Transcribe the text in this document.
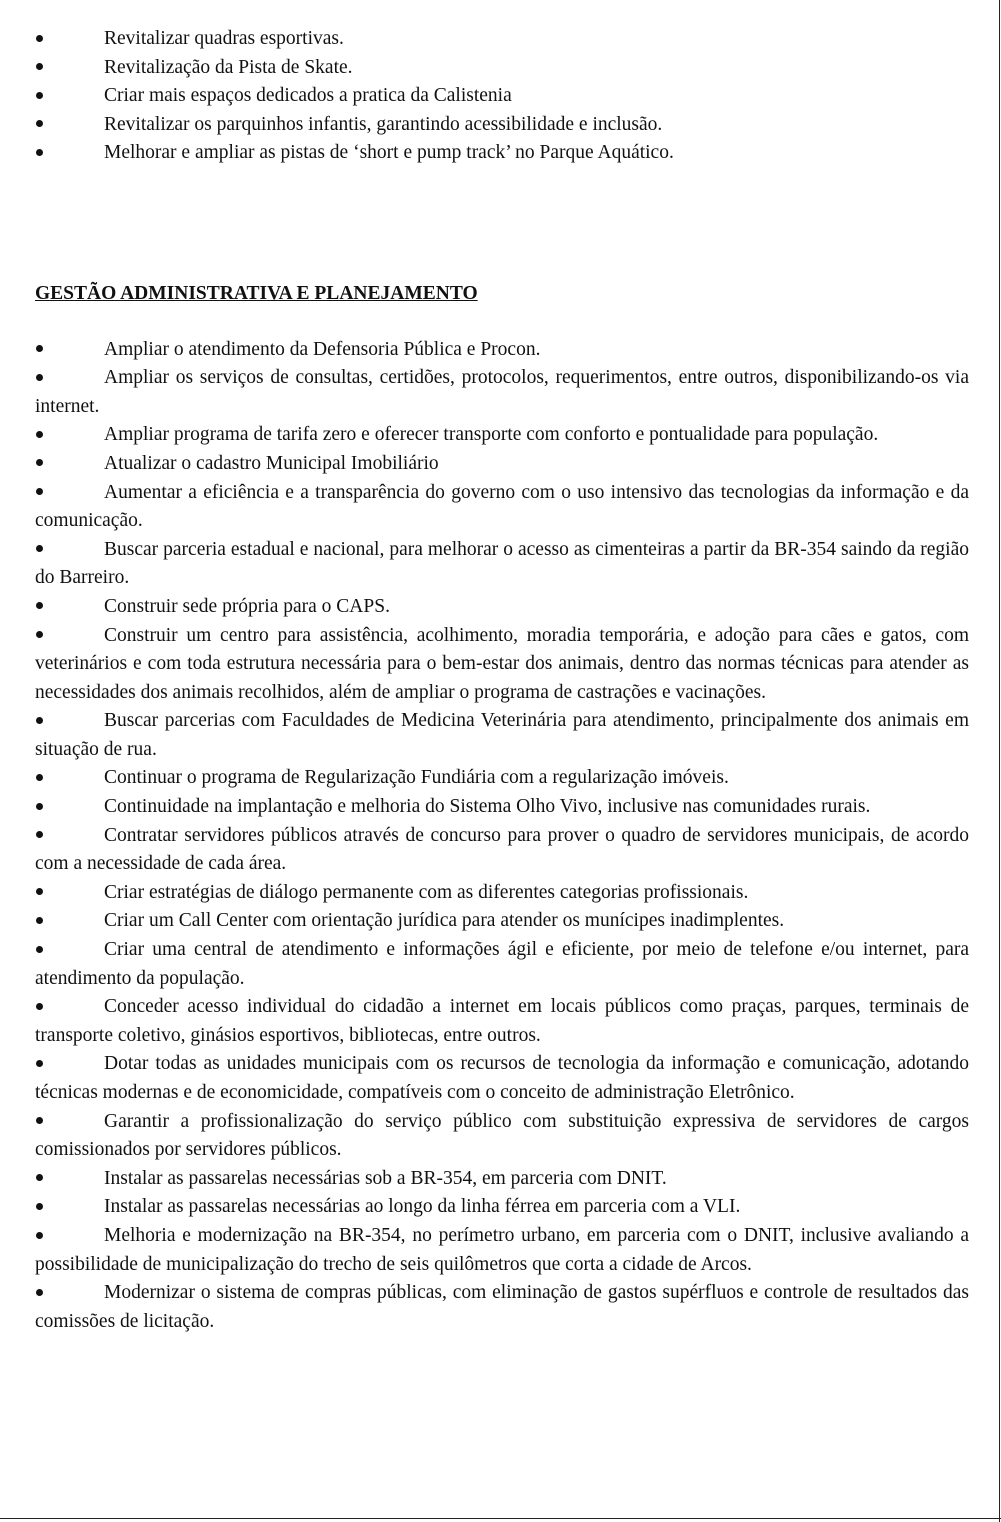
Revitalizar quadras esportivas.
Revitalização da Pista de Skate.
Criar mais espaços dedicados a pratica da Calistenia
Revitalizar os parquinhos infantis, garantindo acessibilidade e inclusão.
Melhorar e ampliar as pistas de ‘short e pump track’ no Parque Aquático.
GESTÃO ADMINISTRATIVA E PLANEJAMENTO
Ampliar o atendimento da Defensoria Pública e Procon.
Ampliar os serviços de consultas, certidões, protocolos, requerimentos, entre outros, disponibilizando-os via internet.
Ampliar programa de tarifa zero e oferecer transporte com conforto e pontualidade para população.
Atualizar o cadastro Municipal Imobiliário
Aumentar a eficiência e a transparência do governo com o uso intensivo das tecnologias da informação e da comunicação.
Buscar parceria estadual e nacional, para melhorar o acesso as cimenteiras a partir da BR-354 saindo da região do Barreiro.
Construir sede própria para o CAPS.
Construir um centro para assistência, acolhimento, moradia temporária, e adoção para cães e gatos, com veterinários e com toda estrutura necessária para o bem-estar dos animais, dentro das normas técnicas para atender as necessidades dos animais recolhidos, além de ampliar o programa de castrações e vacinações.
Buscar parcerias com Faculdades de Medicina Veterinária para atendimento, principalmente dos animais em situação de rua.
Continuar o programa de Regularização Fundiária com a regularização imóveis.
Continuidade na implantação e melhoria do Sistema Olho Vivo, inclusive nas comunidades rurais.
Contratar servidores públicos através de concurso para prover o quadro de servidores municipais, de acordo com a necessidade de cada área.
Criar estratégias de diálogo permanente com as diferentes categorias profissionais.
Criar um Call Center com orientação jurídica para atender os munícipes inadimplentes.
Criar uma central de atendimento e informações ágil e eficiente, por meio de telefone e/ou internet, para atendimento da população.
Conceder acesso individual do cidadão a internet em locais públicos como praças, parques, terminais de transporte coletivo, ginásios esportivos, bibliotecas, entre outros.
Dotar todas as unidades municipais com os recursos de tecnologia da informação e comunicação, adotando técnicas modernas e de economicidade, compatíveis com o conceito de administração Eletrônico.
Garantir a profissionalização do serviço público com substituição expressiva de servidores de cargos comissionados por servidores públicos.
Instalar as passarelas necessárias sob a BR-354, em parceria com DNIT.
Instalar as passarelas necessárias ao longo da linha férrea em parceria com a VLI.
Melhoria e modernização na BR-354, no perímetro urbano, em parceria com o DNIT, inclusive avaliando a possibilidade de municipalização do trecho de seis quilômetros que corta a cidade de Arcos.
Modernizar o sistema de compras públicas, com eliminação de gastos supérfluos e controle de resultados das comissões de licitação.
